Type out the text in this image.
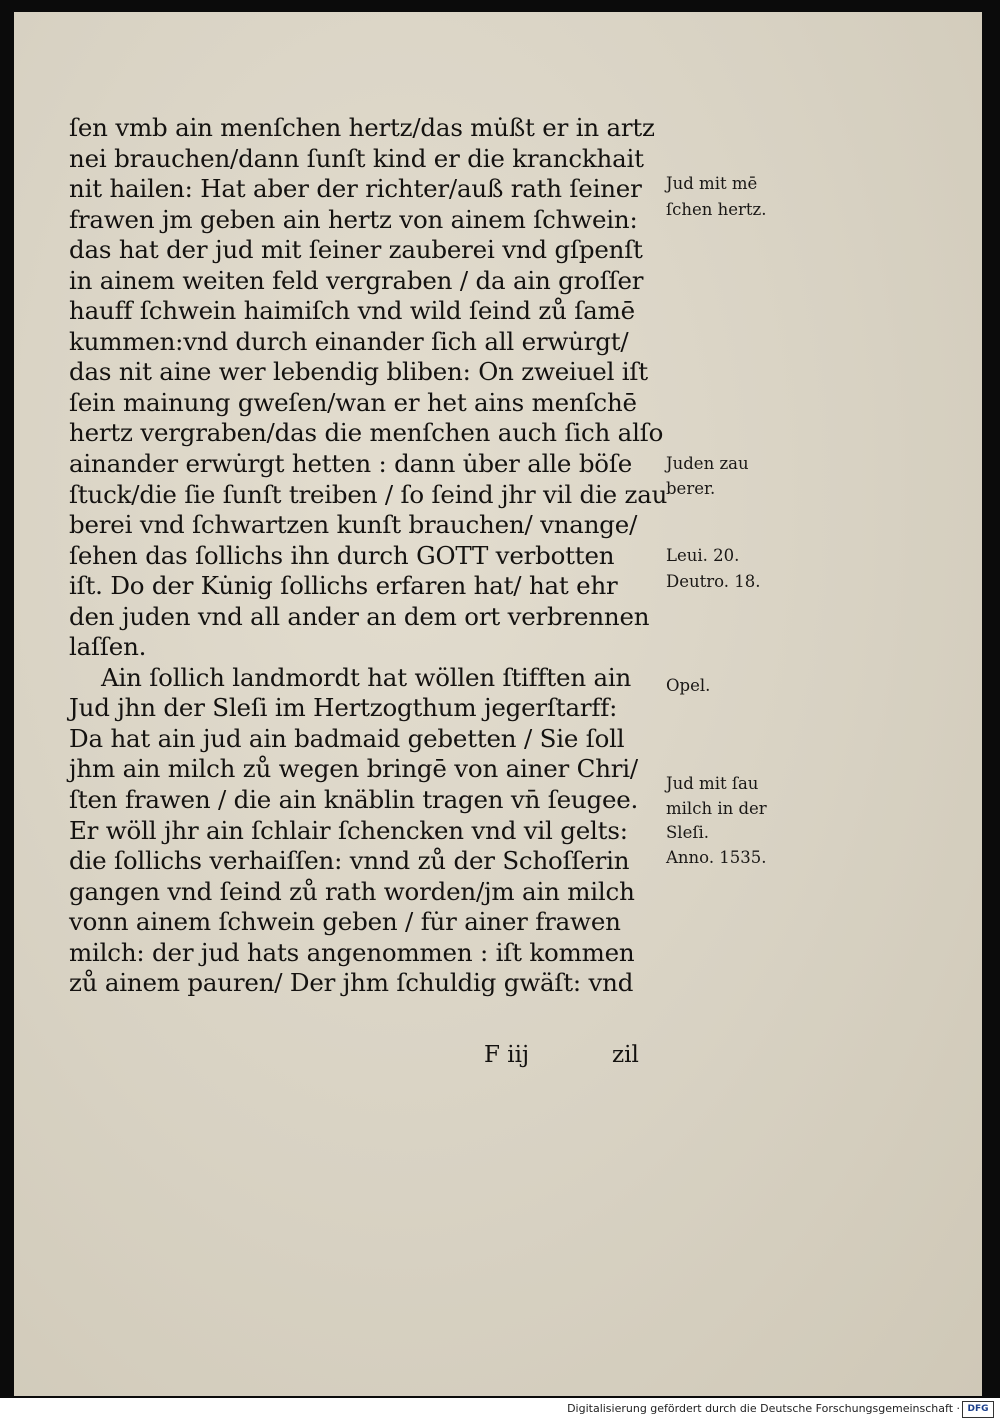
ſen vmb ain menſchen hertz/das mu̇ßt er in artz
nei brauchen/dann ſunſt kind er die kranckhait
nit hailen: Hat aber der richter/auß rath ſeiner
frawen jm geben ain hertz von ainem ſchwein:
das hat der jud mit ſeiner zauberei vnd gſpenſt
in ainem weiten feld vergraben / da ain groſſer
hauff ſchwein haimiſch vnd wild ſeind zů ſamē
kummen:vnd durch einander ſich all erwu̇rgt/
das nit aine wer lebendig bliben: On zweiuel iſt
ſein mainung gweſen/wan er het ains menſchē
hertz vergraben/das die menſchen auch ſich alſo
ainander erwu̇rgt hetten : dann u̇ber alle böſe
ſtuck/die ſie ſunſt treiben / ſo ſeind jhr vil die zau
berei vnd ſchwartzen kunſt brauchen/ vnange/
ſehen das ſollichs ihn durch GOTT verbotten
iſt. Do der Ku̇nig ſollichs erfaren hat/ hat ehr
den juden vnd all ander an dem ort verbrennen
laſſen.
Ain ſollich landmordt hat wöllen ſtifften ain
Jud jhn der Sleſi im Hertzogthum jegerſtarff:
Da hat ain jud ain badmaid gebetten / Sie ſoll
jhm ain milch zů wegen bringē von ainer Chri/
ſten frawen / die ain knäblin tragen vn̄ ſeugee.
Er wöll jhr ain ſchlair ſchencken vnd vil gelts:
die ſollichs verhaiſſen: vnnd zů der Schoſſerin
gangen vnd ſeind zů rath worden/jm ain milch
vonn ainem ſchwein geben / fu̇r ainer frawen
milch: der jud hats angenommen : iſt kommen
zů ainem pauren/ Der jhm ſchuldig gwäſt: vnd
Jud mit mē
ſchen hertz.
Juden zau
berer.
Leui. 20.
Deutro. 18.
Opel.
Jud mit ſau
milch in der
Sleſi.
Anno. 1535.
F iij	zil
Digitalisierung gefördert durch die Deutsche Forschungsgemeinschaft · DFG
